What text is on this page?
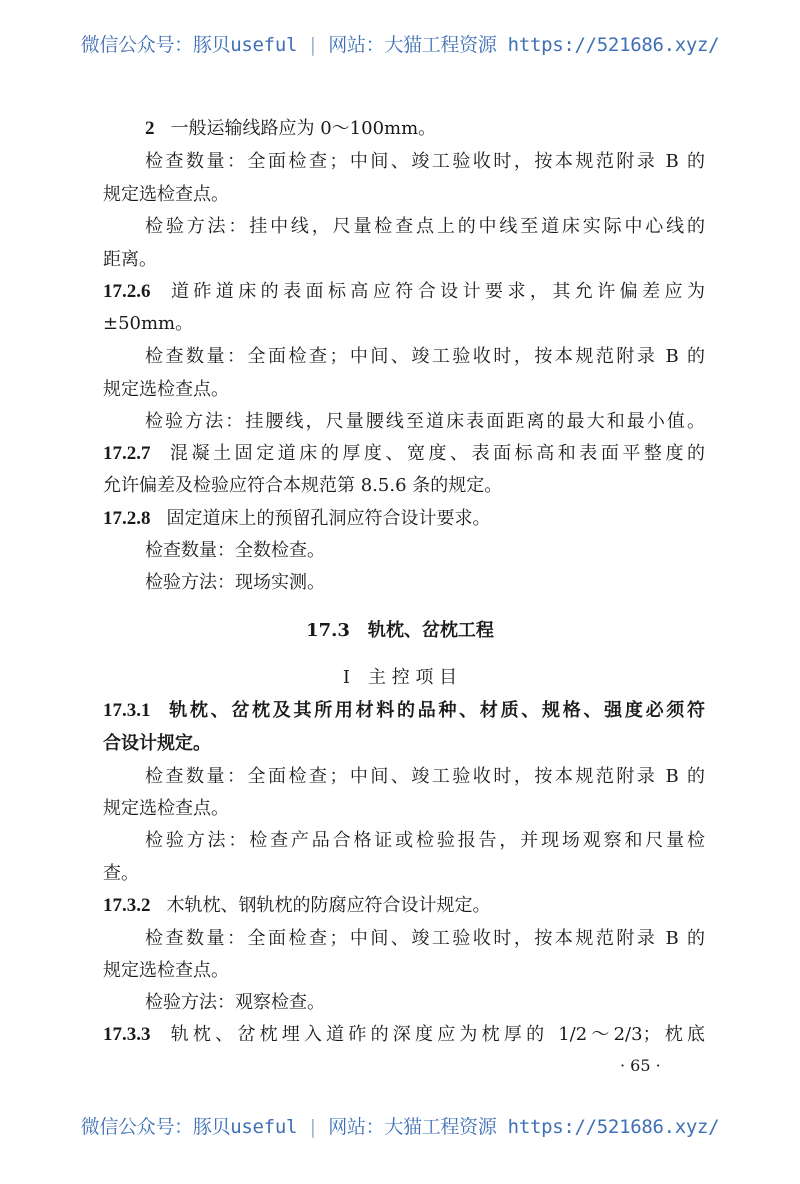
微信公众号：豚贝useful | 网站：大猫工程资源 https://521686.xyz/
2 一般运输线路应为 0～100mm。
检查数量：全面检查；中间、竣工验收时，按本规范附录 B 的
规定选检查点。
检验方法：挂中线，尺量检查点上的中线至道床实际中心线的
距离。
17.2.6 道砟道床的表面标高应符合设计要求，其允许偏差应为
±50mm。
检查数量：全面检查；中间、竣工验收时，按本规范附录 B 的
规定选检查点。
检验方法：挂腰线，尺量腰线至道床表面距离的最大和最小值。
17.2.7 混凝土固定道床的厚度、宽度、表面标高和表面平整度的
允许偏差及检验应符合本规范第 8.5.6 条的规定。
17.2.8 固定道床上的预留孔洞应符合设计要求。
检查数量：全数检查。
检验方法：现场实测。
17.3　轨枕、岔枕工程
Ⅰ　主 控 项 目
17.3.1 轨枕、岔枕及其所用材料的品种、材质、规格、强度必须符
合设计规定。
检查数量：全面检查；中间、竣工验收时，按本规范附录 B 的
规定选检查点。
检验方法：检查产品合格证或检验报告，并现场观察和尺量检
查。
17.3.2 木轨枕、钢轨枕的防腐应符合设计规定。
检查数量：全面检查；中间、竣工验收时，按本规范附录 B 的
规定选检查点。
检验方法：观察检查。
17.3.3 轨枕、岔枕埋入道砟的深度应为枕厚的 1/2～2/3；枕底
· 65 ·
微信公众号：豚贝useful | 网站：大猫工程资源 https://521686.xyz/
